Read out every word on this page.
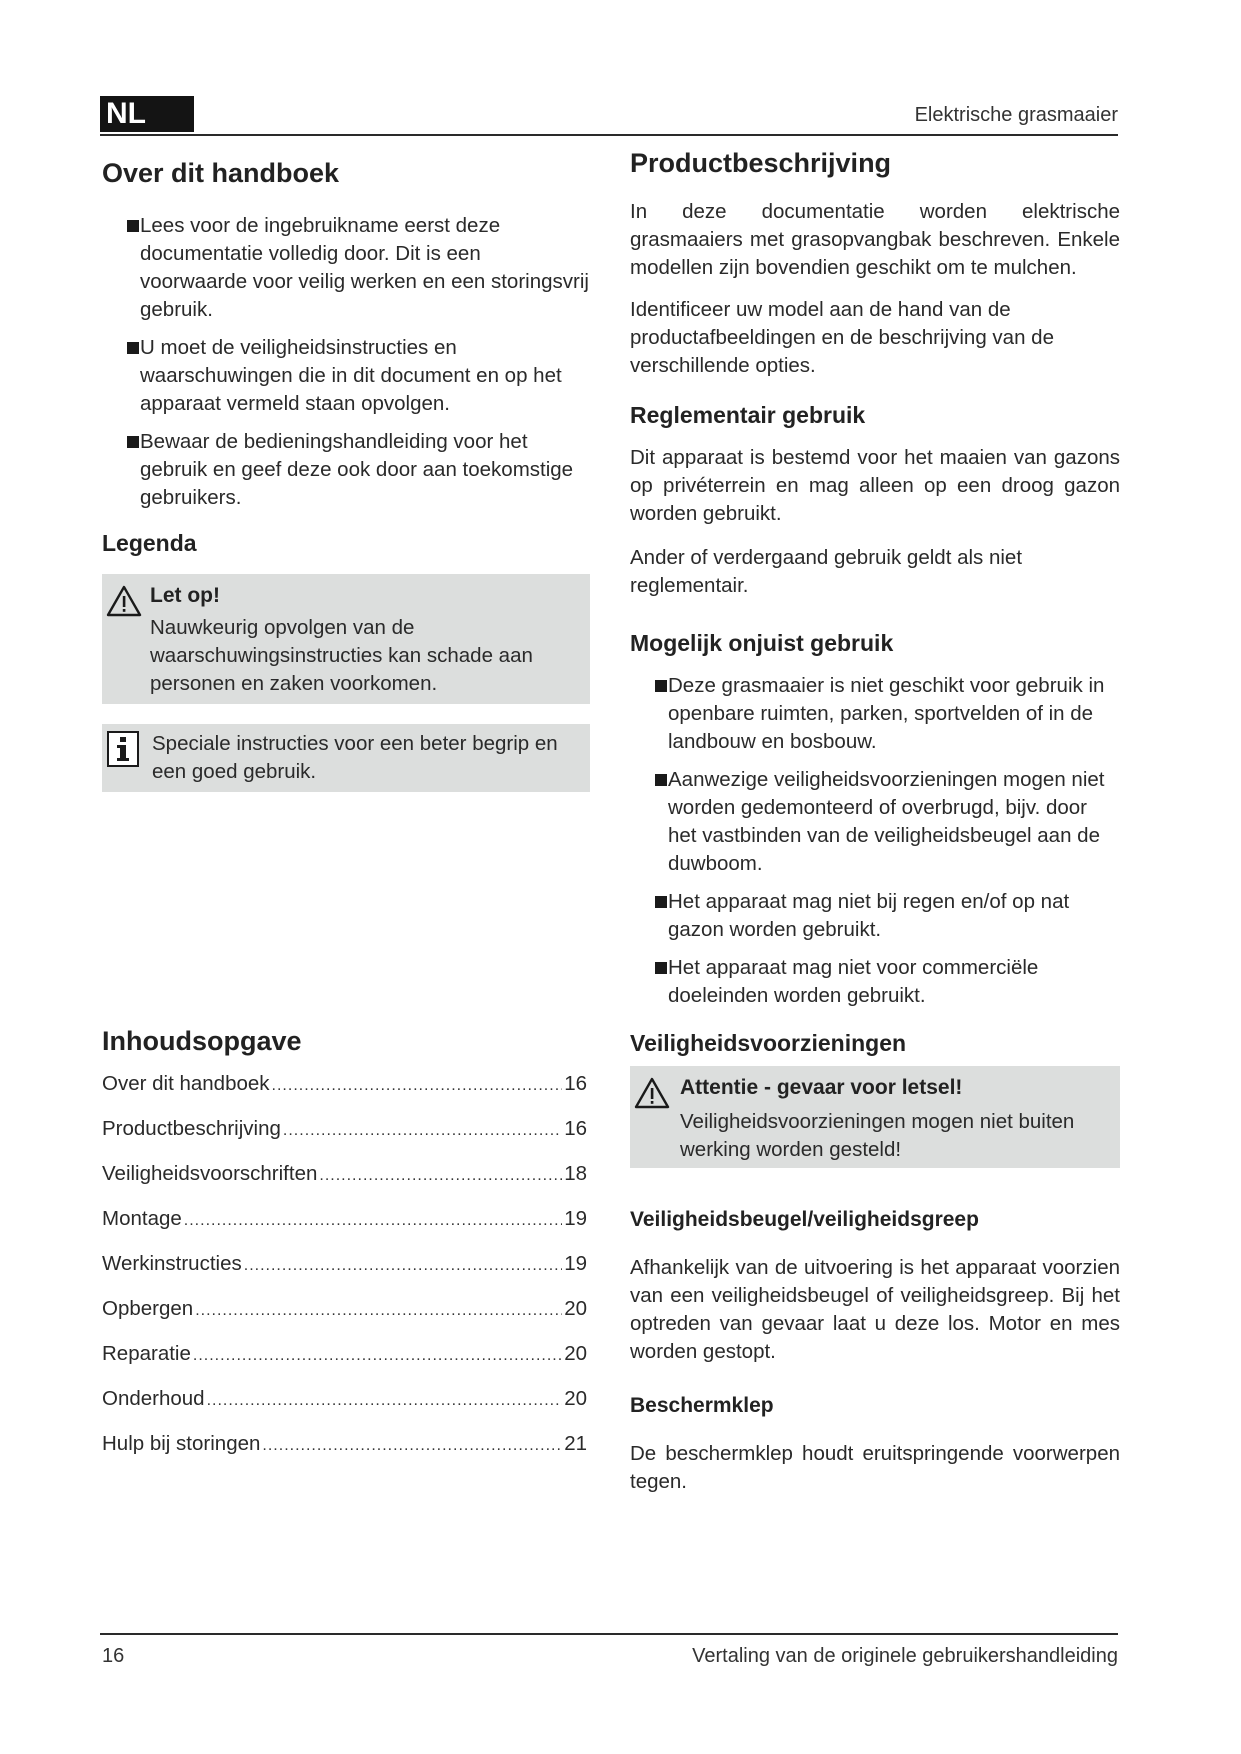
NL	Elektrische grasmaaier
Over dit handboek
Lees voor de ingebruikname eerst deze documentatie volledig door. Dit is een voorwaarde voor veilig werken en een storingsvrij gebruik.
U moet de veiligheidsinstructies en waarschuwingen die in dit document en op het apparaat vermeld staan opvolgen.
Bewaar de bedieningshandleiding voor het gebruik en geef deze ook door aan toekomstige gebruikers.
Legenda
Let op!
Nauwkeurig opvolgen van de waarschuwingsinstructies kan schade aan personen en zaken voorkomen.
Speciale instructies voor een beter begrip en een goed gebruik.
Inhoudsopgave
Over dit handboek .....	16
Productbeschrijving .....	16
Veiligheidsvoorschriften .....	18
Montage .....	19
Werkinstructies .....	19
Opbergen .....	20
Reparatie .....	20
Onderhoud .....	20
Hulp bij storingen .....	21
Productbeschrijving

In deze documentatie worden elektrische grasmaaiers met grasopvangbak beschreven. Enkele modellen zijn bovendien geschikt om te mulchen.

Identificeer uw model aan de hand van de productafbeeldingen en de beschrijving van de verschillende opties.

Reglementair gebruik

Dit apparaat is bestemd voor het maaien van gazons op privéterrein en mag alleen op een droog gazon worden gebruikt.

Ander of verdergaand gebruik geldt als niet reglementair.

Mogelijk onjuist gebruik
Deze grasmaaier is niet geschikt voor gebruik in openbare ruimten, parken, sportvelden of in de landbouw en bosbouw.
Aanwezige veiligheidsvoorzieningen mogen niet worden gedemonteerd of overbrugd, bijv. door het vastbinden van de veiligheidsbeugel aan de duwboom.
Het apparaat mag niet bij regen en/of op nat gazon worden gebruikt.
Het apparaat mag niet voor commerciële doeleinden worden gebruikt.
Veiligheidsvoorzieningen
Attentie - gevaar voor letsel!
Veiligheidsvoorzieningen mogen niet buiten werking worden gesteld!
Veiligheidsbeugel/veiligheidsgreep

Afhankelijk van de uitvoering is het apparaat voorzien van een veiligheidsbeugel of veiligheidsgreep. Bij het optreden van gevaar laat u deze los. Motor en mes worden gestopt.

Beschermklep

De beschermklep houdt eruitspringende voorwerpen tegen.

16	Vertaling van de originele gebruikershandleiding
